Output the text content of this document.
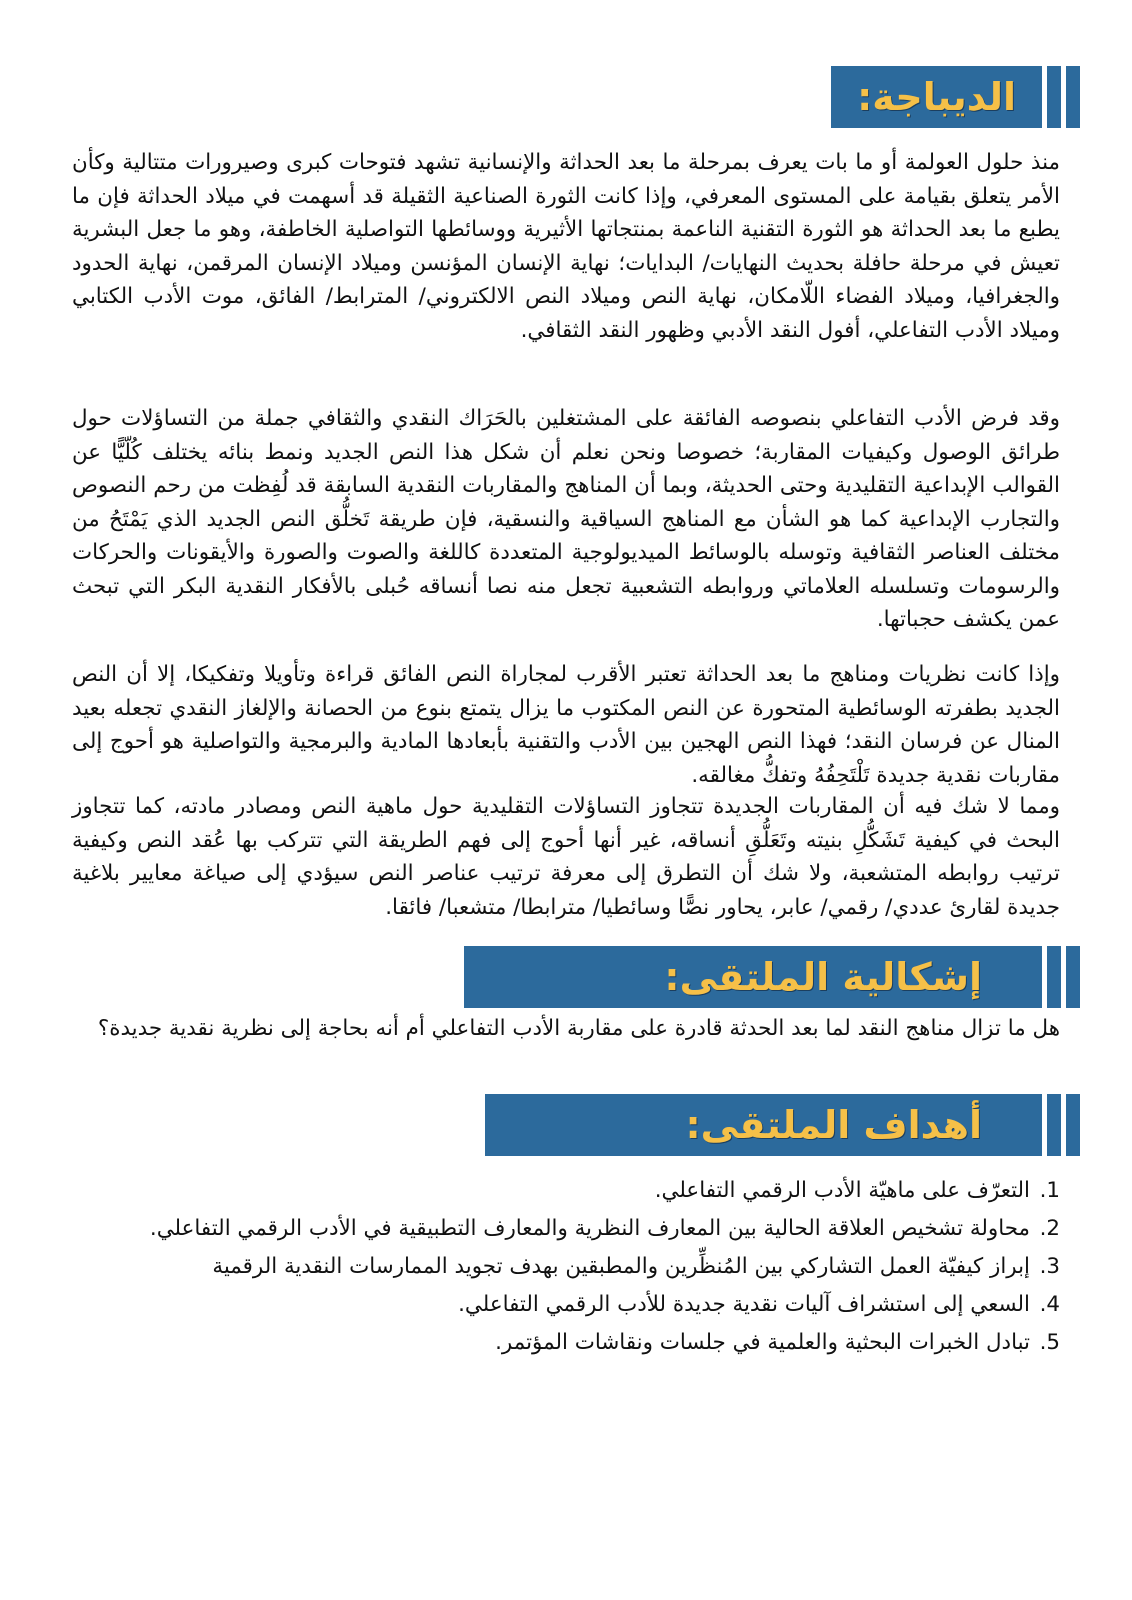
الديباجة:

منذ حلول العولمة أو ما بات يعرف بمرحلة ما بعد الحداثة والإنسانية تشهد فتوحات كبرى وصيرورات متتالية وكأن الأمر يتعلق بقيامة على المستوى المعرفي، وإذا كانت الثورة الصناعية الثقيلة قد أسهمت في ميلاد الحداثة فإن ما يطبع ما بعد الحداثة هو الثورة التقنية الناعمة بمنتجاتها الأثيرية ووسائطها التواصلية الخاطفة، وهو ما جعل البشرية تعيش في مرحلة حافلة بحديث النهايات/ البدايات؛ نهاية الإنسان المؤنسن وميلاد الإنسان المرقمن، نهاية الحدود والجغرافيا، وميلاد الفضاء اللّامكان، نهاية النص وميلاد النص الالكتروني/ المترابط/ الفائق، موت الأدب الكتابي وميلاد الأدب التفاعلي، أفول النقد الأدبي وظهور النقد الثقافي.

وقد فرض الأدب التفاعلي بنصوصه الفائقة على المشتغلين بالحَرَاك النقدي والثقافي جملة من التساؤلات حول طرائق الوصول وكيفيات المقاربة؛ خصوصا ونحن نعلم أن شكل هذا النص الجديد ونمط بنائه يختلف كُلّيًّا عن القوالب الإبداعية التقليدية وحتى الحديثة، وبما أن المناهج والمقاربات النقدية السابقة قد لُفِظت من رحم النصوص والتجارب الإبداعية كما هو الشأن مع المناهج السياقية والنسقية، فإن طريقة تَخلُّق النص الجديد الذي يَمْتَحُ من مختلف العناصر الثقافية وتوسله بالوسائط الميديولوجية المتعددة كاللغة والصوت والصورة والأيقونات والحركات والرسومات وتسلسله العلاماتي وروابطه التشعبية تجعل منه نصا أنساقه حُبلى بالأفكار النقدية البكر التي تبحث عمن يكشف حجباتها.

وإذا كانت نظريات ومناهج ما بعد الحداثة تعتبر الأقرب لمجاراة النص الفائق قراءة وتأويلا وتفكيكا، إلا أن النص الجديد بطفرته الوسائطية المتحورة عن النص المكتوب ما يزال يتمتع بنوع من الحصانة والإلغاز النقدي تجعله بعيد المنال عن فرسان النقد؛ فهذا النص الهجين بين الأدب والتقنية بأبعادها المادية والبرمجية والتواصلية هو أحوج إلى مقاربات نقدية جديدة تَلْتَحِفُهُ وتفكُّ مغالقه.

ومما لا شك فيه أن المقاربات الجديدة تتجاوز التساؤلات التقليدية حول ماهية النص ومصادر مادته، كما تتجاوز البحث في كيفية تَشَكُّلِ بنيته وتَعَلُّقِ أنساقه، غير أنها أحوج إلى فهم الطريقة التي تتركب بها عُقد النص وكيفية ترتيب روابطه المتشعبة، ولا شك أن التطرق إلى معرفة ترتيب عناصر النص سيؤدي إلى صياغة معايير بلاغية جديدة لقارئ عددي/ رقمي/ عابر، يحاور نصًّا وسائطيا/ مترابطا/ متشعبا/ فائقا.

إشكالية الملتقى:

هل ما تزال مناهج النقد لما بعد الحدثة قادرة على مقاربة الأدب التفاعلي أم أنه بحاجة إلى نظرية نقدية جديدة؟

أهداف الملتقى:
1.
التعرّف على ماهيّة الأدب الرقمي التفاعلي.
2.
محاولة تشخيص العلاقة الحالية بين المعارف النظرية والمعارف التطبيقية في الأدب الرقمي التفاعلي.
3.
إبراز كيفيّة العمل التشاركي بين المُنظِّرين والمطبقين بهدف تجويد الممارسات النقدية الرقمية
4.
السعي إلى استشراف آليات نقدية جديدة للأدب الرقمي التفاعلي.
5.
تبادل الخبرات البحثية والعلمية في جلسات ونقاشات المؤتمر.
